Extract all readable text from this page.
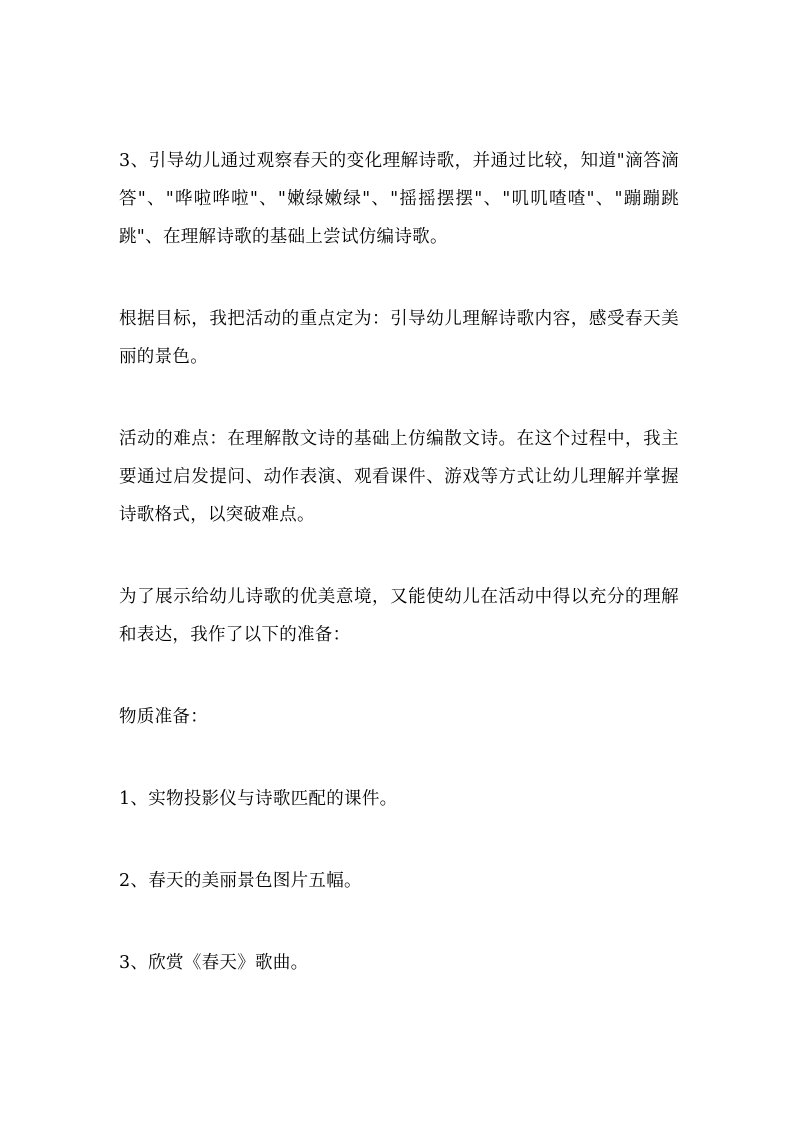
3、引导幼儿通过观察春天的变化理解诗歌，并通过比较，知道"滴答滴答"、"哗啦哗啦"、"嫩绿嫩绿"、"摇摇摆摆"、"叽叽喳喳"、"蹦蹦跳跳"、在理解诗歌的基础上尝试仿编诗歌。

根据目标，我把活动的重点定为：引导幼儿理解诗歌内容，感受春天美丽的景色。

活动的难点：在理解散文诗的基础上仿编散文诗。在这个过程中，我主要通过启发提问、动作表演、观看课件、游戏等方式让幼儿理解并掌握诗歌格式，以突破难点。

为了展示给幼儿诗歌的优美意境，又能使幼儿在活动中得以充分的理解和表达，我作了以下的准备：

物质准备：

1、实物投影仪与诗歌匹配的课件。

2、春天的美丽景色图片五幅。

3、欣赏《春天》歌曲。
